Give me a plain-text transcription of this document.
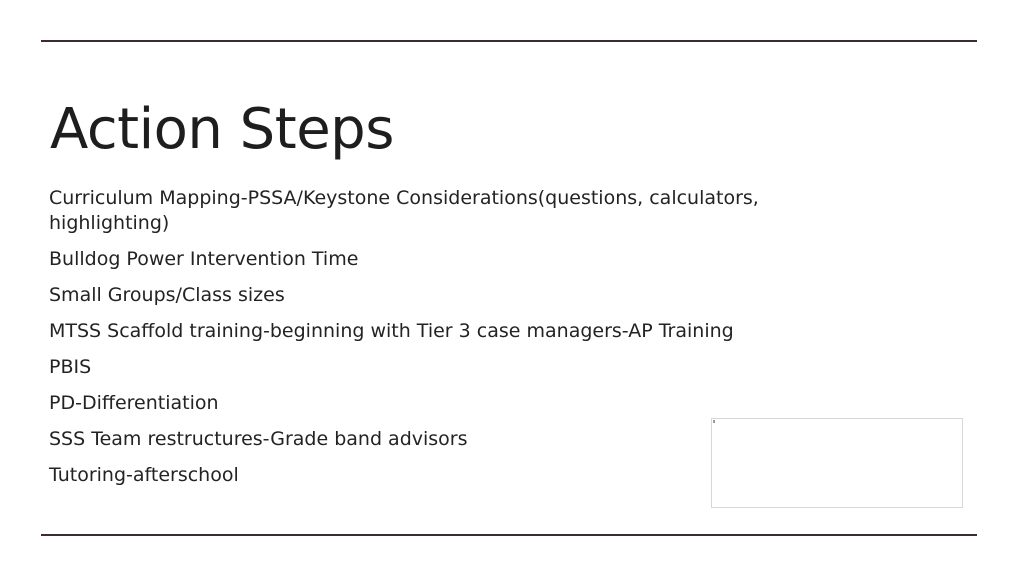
Action Steps
Curriculum Mapping-PSSA/Keystone Considerations(questions, calculators, highlighting)
Bulldog Power Intervention Time
Small Groups/Class sizes
MTSS Scaffold training-beginning with Tier 3 case managers-AP Training
PBIS
PD-Differentiation
SSS Team restructures-Grade band advisors
Tutoring-afterschool
